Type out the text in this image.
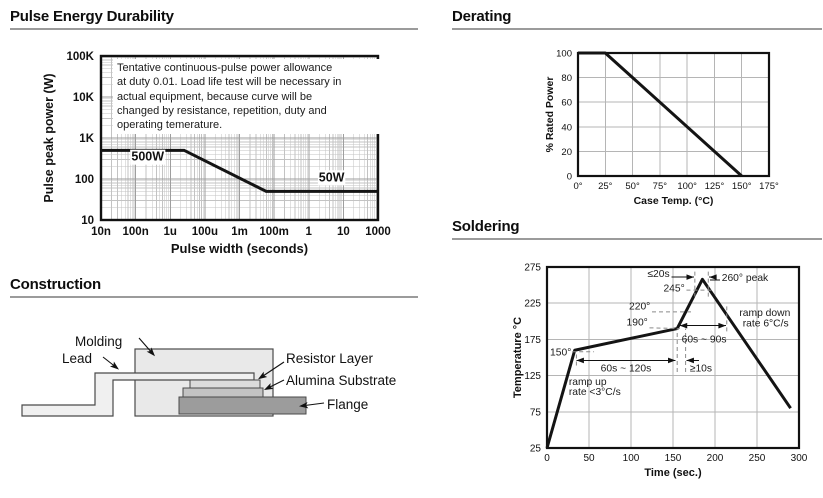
Pulse Energy Durability	Derating
Construction
Soldering
10n 100n 1u 100u 1m 100m 1 10 1000
10
100
1K
10K
100K
Pulse width (seconds)
Pulse peak power (W)	500W
50W
Tentative continuous-pulse power allowance
at duty 0.01. Load life test will be necessary in
actual equipment, because curve will be
changed by resistance, repetition, duty and
operating temerature.
0° 25° 50° 75° 100° 125° 150° 175°
0
20
40
60
80
100
Case Temp. (°C)
% Rated Power
0	50	100	150	200	250	300
25
75
125
175
225
275
Time (sec.)
Temperature °C	150°
190°
220°
245°
≤20s	260° peak
60s ~ 90s
60s ~ 120s	≥10s
ramp up
rate <3°C/s
ramp down
rate 6°C/s
Molding
Lead	Resistor Layer
Alumina Substrate
Flange
